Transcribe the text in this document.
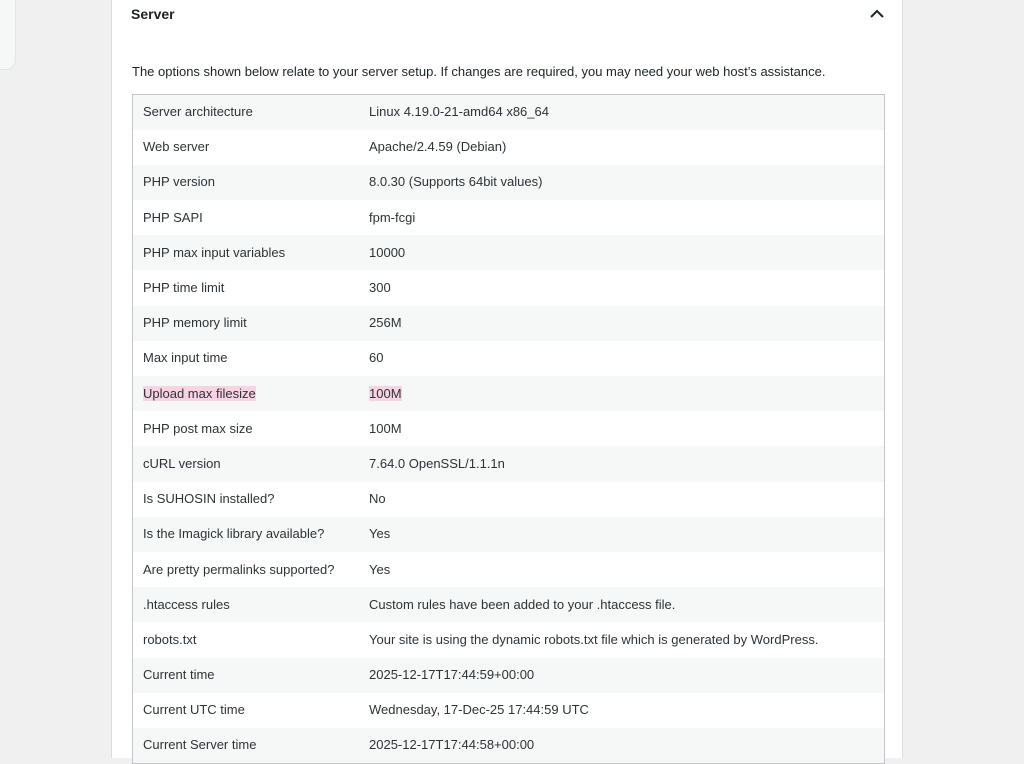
Server
The options shown below relate to your server setup. If changes are required, you may need your web host’s assistance.
Server architecture	Linux 4.19.0-21-amd64 x86_64
Web server	Apache/2.4.59 (Debian)
PHP version	8.0.30 (Supports 64bit values)
PHP SAPI	fpm-fcgi
PHP max input variables	10000
PHP time limit	300
PHP memory limit	256M
Max input time	60
Upload max filesize	100M
PHP post max size	100M
cURL version	7.64.0 OpenSSL/1.1.1n
Is SUHOSIN installed?	No
Is the Imagick library available?	Yes
Are pretty permalinks supported?	Yes
.htaccess rules	Custom rules have been added to your .htaccess file.
robots.txt	Your site is using the dynamic robots.txt file which is generated by WordPress.
Current time	2025-12-17T17:44:59+00:00
Current UTC time	Wednesday, 17-Dec-25 17:44:59 UTC
Current Server time	2025-12-17T17:44:58+00:00
